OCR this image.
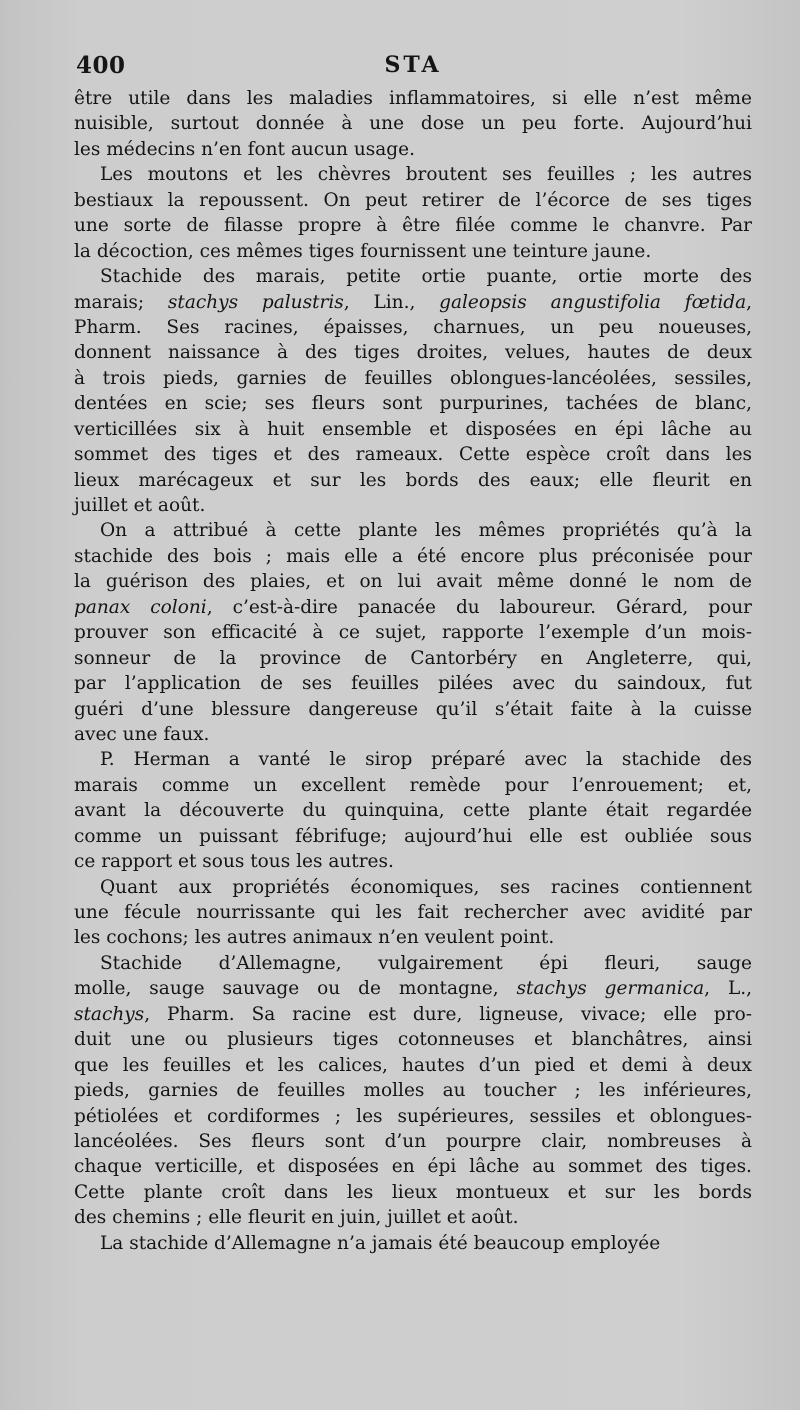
400	STA
être utile dans les maladies inflammatoires, si elle n’est même
nuisible, surtout donnée à une dose un peu forte. Aujourd’hui
les médecins n’en font aucun usage.
Les moutons et les chèvres broutent ses feuilles ; les autres
bestiaux la repoussent. On peut retirer de l’écorce de ses tiges
une sorte de filasse propre à être filée comme le chanvre. Par
la décoction, ces mêmes tiges fournissent une teinture jaune.
Stachide des marais, petite ortie puante, ortie morte des
marais; stachys palustris, Lin., galeopsis angustifolia fœtida,
Pharm. Ses racines, épaisses, charnues, un peu noueuses,
donnent naissance à des tiges droites, velues, hautes de deux
à trois pieds, garnies de feuilles oblongues-lancéolées, sessiles,
dentées en scie; ses fleurs sont purpurines, tachées de blanc,
verticillées six à huit ensemble et disposées en épi lâche au
sommet des tiges et des rameaux. Cette espèce croît dans les
lieux marécageux et sur les bords des eaux; elle fleurit en
juillet et août.
On a attribué à cette plante les mêmes propriétés qu’à la
stachide des bois ; mais elle a été encore plus préconisée pour
la guérison des plaies, et on lui avait même donné le nom de
panax coloni, c’est-à-dire panacée du laboureur. Gérard, pour
prouver son efficacité à ce sujet, rapporte l’exemple d’un mois-
sonneur de la province de Cantorbéry en Angleterre, qui,
par l’application de ses feuilles pilées avec du saindoux, fut
guéri d’une blessure dangereuse qu’il s’était faite à la cuisse
avec une faux.
P. Herman a vanté le sirop préparé avec la stachide des
marais comme un excellent remède pour l’enrouement; et,
avant la découverte du quinquina, cette plante était regardée
comme un puissant fébrifuge; aujourd’hui elle est oubliée sous
ce rapport et sous tous les autres.
Quant aux propriétés économiques, ses racines contiennent
une fécule nourrissante qui les fait rechercher avec avidité par
les cochons; les autres animaux n’en veulent point.
Stachide d’Allemagne, vulgairement épi fleuri, sauge
molle, sauge sauvage ou de montagne, stachys germanica, L.,
stachys, Pharm. Sa racine est dure, ligneuse, vivace; elle pro-
duit une ou plusieurs tiges cotonneuses et blanchâtres, ainsi
que les feuilles et les calices, hautes d’un pied et demi à deux
pieds, garnies de feuilles molles au toucher ; les inférieures,
pétiolées et cordiformes ; les supérieures, sessiles et oblongues-
lancéolées. Ses fleurs sont d’un pourpre clair, nombreuses à
chaque verticille, et disposées en épi lâche au sommet des tiges.
Cette plante croît dans les lieux montueux et sur les bords
des chemins ; elle fleurit en juin, juillet et août.
La stachide d’Allemagne n’a jamais été beaucoup employée
